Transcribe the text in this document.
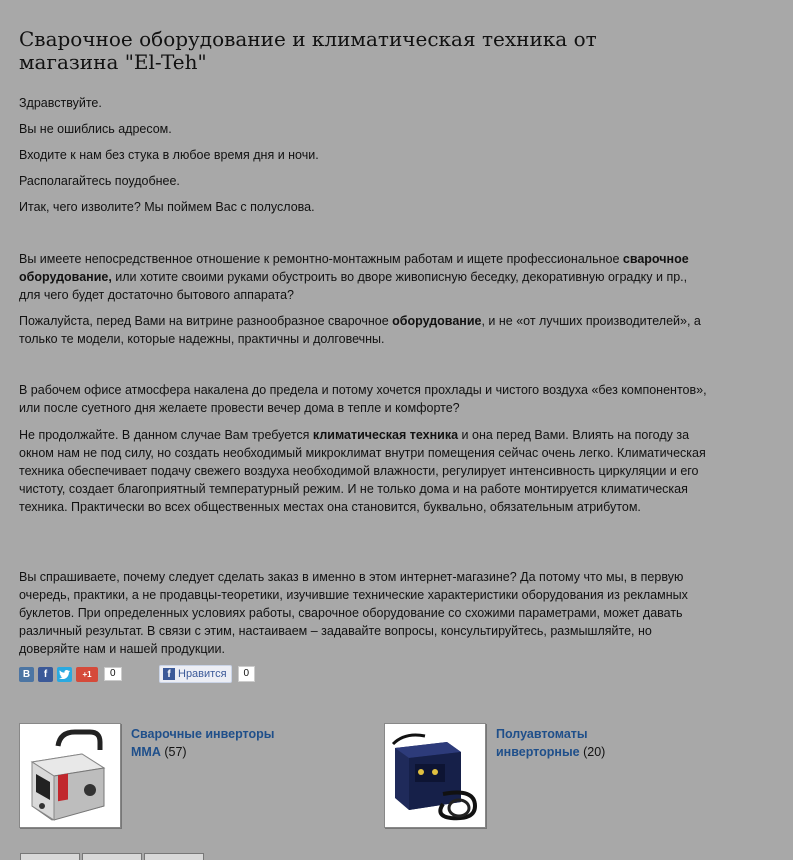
Сварочное оборудование и климатическая техника от магазина "El-Teh"

Здравствуйте.

Вы не ошиблись адресом.

Входите к нам без стука в любое время дня и ночи.

Располагайтесь поудобнее.

Итак, чего изволите? Мы поймем Вас с полуслова.

Вы имеете непосредственное отношение к ремонтно-монтажным работам и ищете профессиональное сварочное оборудование, или хотите своими руками обустроить во дворе живописную беседку, декоративную оградку и пр., для чего будет достаточно бытового аппарата?

Пожалуйста, перед Вами на витрине разнообразное сварочное оборудование, и не «от лучших производителей», а только те модели, которые надежны, практичны и долговечны.

В рабочем офисе атмосфера накалена до предела и потому хочется прохлады и чистого воздуха «без компонентов», или после суетного дня желаете провести вечер дома в тепле и комфорте?

Не продолжайте. В данном случае Вам требуется климатическая техника и она перед Вами. Влиять на погоду за окном нам не под силу, но создать необходимый микроклимат внутри помещения сейчас очень легко. Климатическая техника обеспечивает подачу свежего воздуха необходимой влажности, регулирует интенсивность циркуляции и его чистоту, создает благоприятный температурный режим. И не только дома и на работе монтируется климатическая техника. Практически во всех общественных местах она становится, буквально, обязательным атрибутом.

Вы спрашиваете, почему следует сделать заказ в именно в этом интернет-магазине? Да потому что мы, в первую очередь, практики, а не продавцы-теоретики, изучившие технические характеристики оборудования из рекламных буклетов. При определенных условиях работы, сварочное оборудование со схожими параметрами, может давать различный результат. В связи с этим, настаиваем – задавайте вопросы, консультируйтесь, размышляйте, но доверяйте нам и нашей продукции.

B	f	+1	0	f Нравится	0
Сварочные инверторы ММА (57)
Полуавтоматы инверторные (20)
